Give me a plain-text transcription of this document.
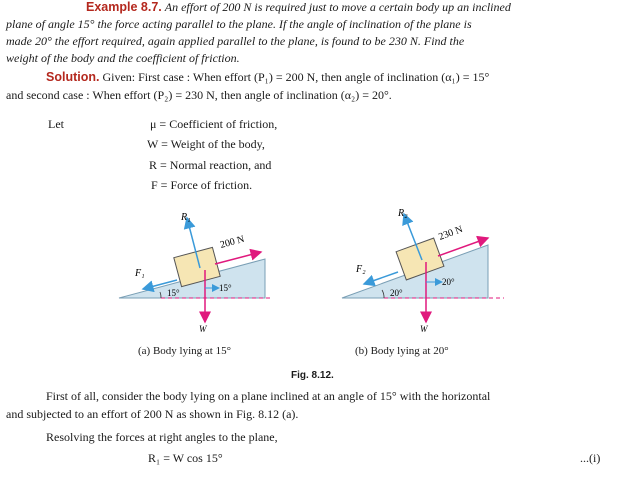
Example 8.7. An effort of 200 N is required just to move a certain body up an inclined
plane of angle 15° the force acting parallel to the plane. If the angle of inclination of the plane is
made 20° the effort required, again applied parallel to the plane, is found to be 230 N. Find the
weight of the body and the coefficient of friction.
Solution. Given: First case : When effort (P₁) = 200 N, then angle of inclination (α₁) = 15°
and second case : When effort (P₂) = 230 N, then angle of inclination (α₂) = 20°.
Let	μ = Coefficient of friction,
W = Weight of the body,
R = Normal reaction, and
F = Force of friction.
R₁
200 N
F₁
15°	15°
W
(a) Body lying at 15°
R₂
230 N
F₂
20°
20°
W
(b) Body lying at 20°
Fig. 8.12.
First of all, consider the body lying on a plane inclined at an angle of 15° with the horizontal
and subjected to an effort of 200 N as shown in Fig. 8.12 (a).
Resolving the forces at right angles to the plane,
R₁ = W cos 15°	...(i)
